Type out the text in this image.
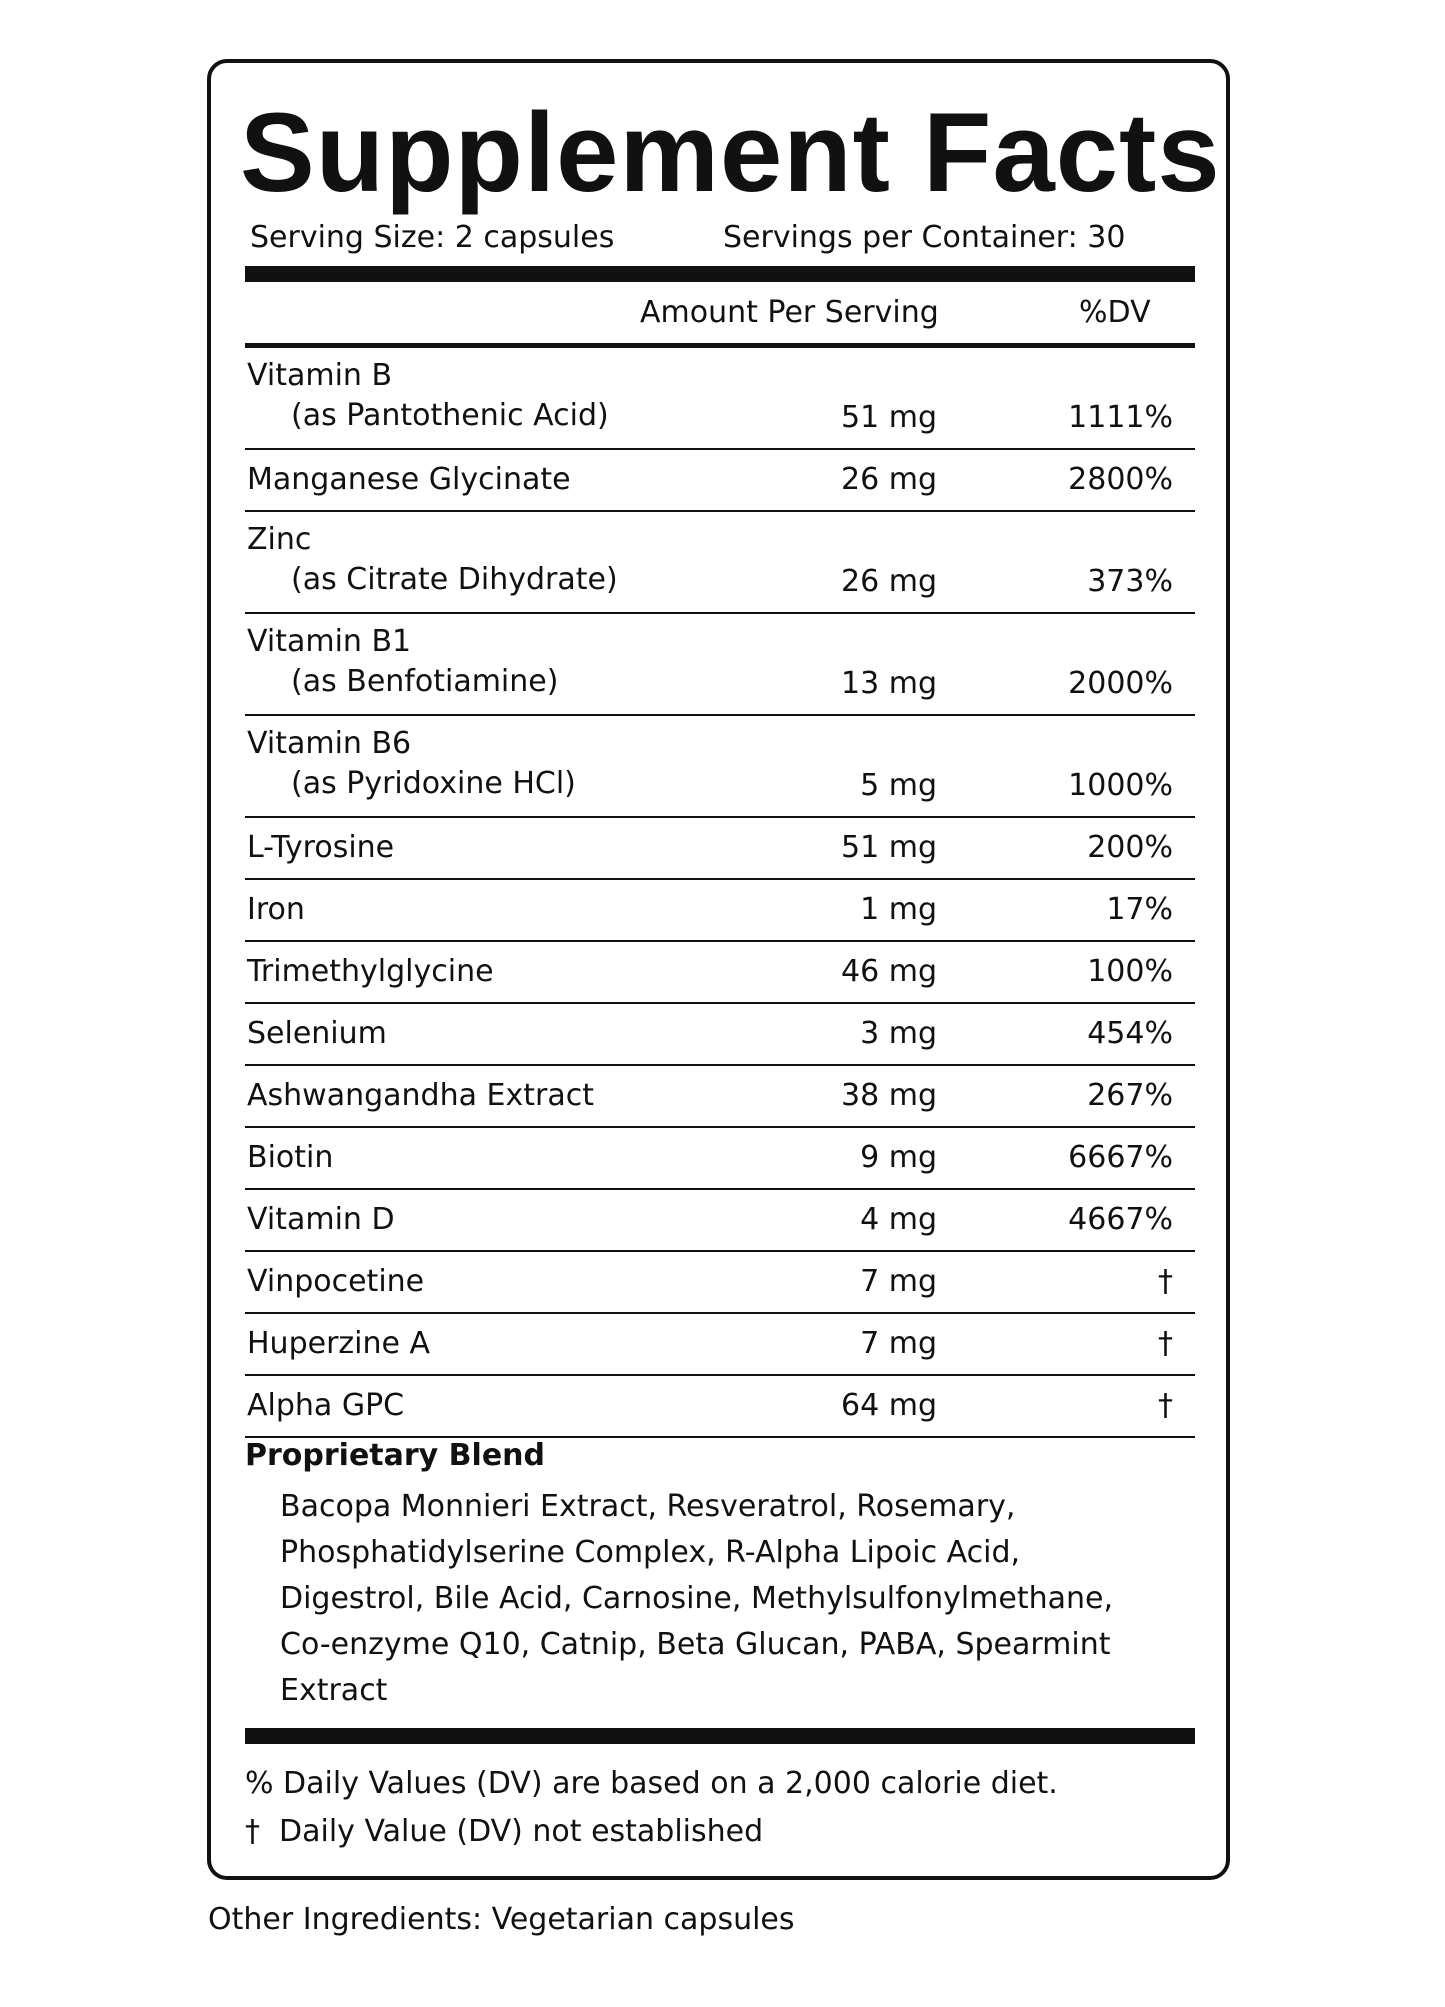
Supplement Facts
Serving Size: 2 capsules	Servings per Container: 30
Amount Per Serving	%DV
Vitamin B
(as Pantothenic Acid)	51 mg	1111%
Manganese Glycinate	26 mg	2800%
Zinc
(as Citrate Dihydrate)	26 mg	373%
Vitamin B1
(as Benfotiamine)	13 mg	2000%
Vitamin B6
(as Pyridoxine HCl)	5 mg	1000%
L-Tyrosine	51 mg	200%
Iron	1 mg	17%
Trimethylglycine	46 mg	100%
Selenium	3 mg	454%
Ashwangandha Extract	38 mg	267%
Biotin	9 mg	6667%
Vitamin D	4 mg	4667%
Vinpocetine	7 mg	†
Huperzine A	7 mg	†
Alpha GPC	64 mg	†
Proprietary Blend
Bacopa Monnieri Extract, Resveratrol, Rosemary, Phosphatidylserine Complex, R-Alpha Lipoic Acid, Digestrol, Bile Acid, Carnosine, Methylsulfonylmethane, Co-enzyme Q10, Catnip, Beta Glucan, PABA, Spearmint Extract
% Daily Values (DV) are based on a 2,000 calorie diet.
† Daily Value (DV) not established
Other Ingredients: Vegetarian capsules
